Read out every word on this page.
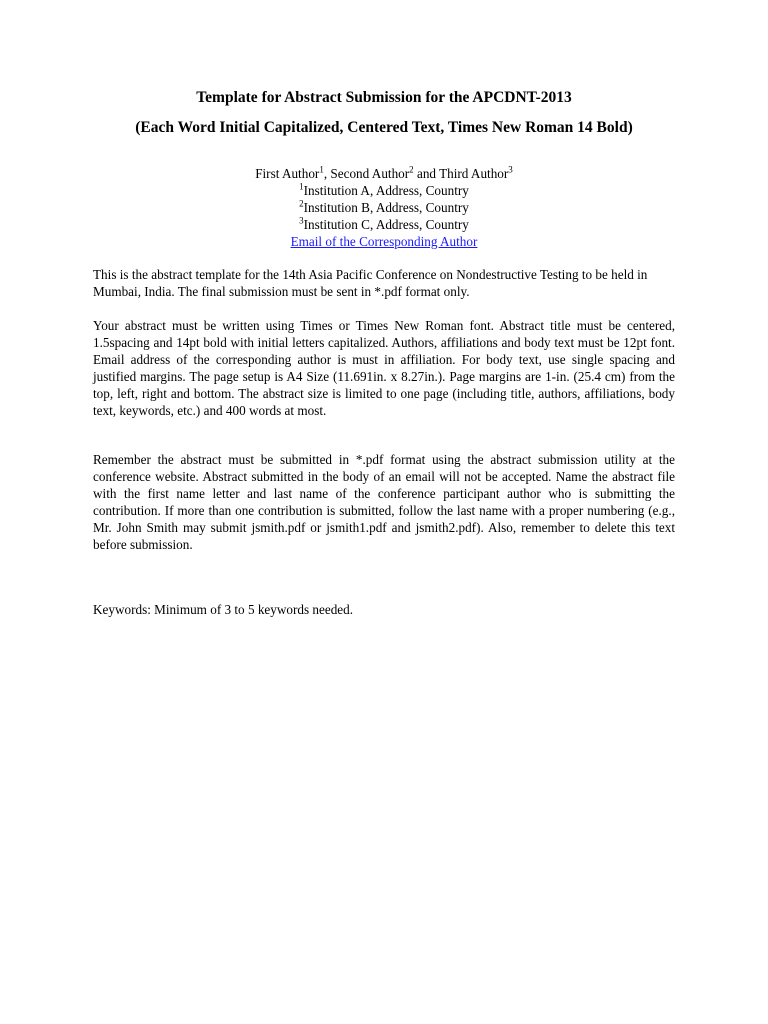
Template for Abstract Submission for the APCDNT-2013
(Each Word Initial Capitalized, Centered Text, Times New Roman 14 Bold)
First Author$^1$, Second Author$^2$ and Third Author$^3$
$^1$Institution A, Address, Country
$^2$Institution B, Address, Country
$^3$Institution C, Address, Country
Email of the Corresponding Author

This is the abstract template for the 14th Asia Pacific Conference on Nondestructive Testing to be held in Mumbai, India. The final submission must be sent in *.pdf format only.

Your abstract must be written using Times or Times New Roman font. Abstract title must be centered, 1.5spacing and 14pt bold with initial letters capitalized. Authors, affiliations and body text must be 12pt font. Email address of the corresponding author is must in affiliation. For body text, use single spacing and justified margins. The page setup is A4 Size (11.691in. x 8.27in.). Page margins are 1-in. (25.4 cm) from the top, left, right and bottom. The abstract size is limited to one page (including title, authors, affiliations, body text, keywords, etc.) and 400 words at most.

Remember the abstract must be submitted in *.pdf format using the abstract submission utility at the conference website. Abstract submitted in the body of an email will not be accepted. Name the abstract file with the first name letter and last name of the conference participant author who is submitting the contribution. If more than one contribution is submitted, follow the last name with a proper numbering (e.g., Mr. John Smith may submit jsmith.pdf or jsmith1.pdf and jsmith2.pdf). Also, remember to delete this text before submission.

Keywords: Minimum of 3 to 5 keywords needed.
